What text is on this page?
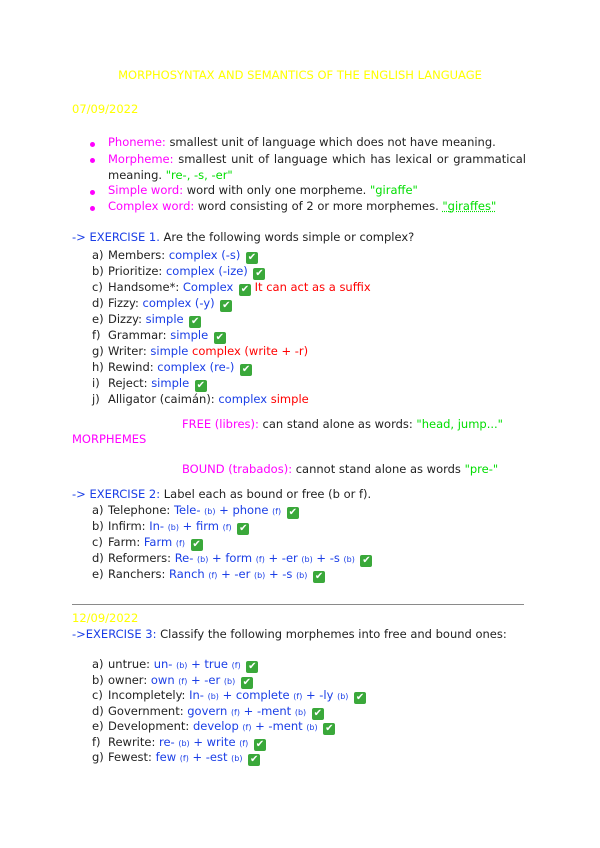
MORPHOSYNTAX AND SEMANTICS OF THE ENGLISH LANGUAGE
07/09/2022
Phoneme: smallest unit of language which does not have meaning.
Morpheme: smallest unit of language which has lexical or grammatical meaning. "re-, -s, -er"
Simple word: word with only one morpheme. "giraffe"
Complex word: word consisting of 2 or more morphemes. "giraffes"
-> EXERCISE 1. Are the following words simple or complex?
a) Members: complex (-s) ✔
b) Prioritize: complex (-ize) ✔
c) Handsome*: Complex ✔ It can act as a suffix
d) Fizzy: complex (-y) ✔
e) Dizzy: simple ✔
f) Grammar: simple ✔
g) Writer: simple complex (write + -r)
h) Rewind: complex (re-) ✔
i) Reject: simple ✔
j) Alligator (caimán): complex simple
FREE (libres): can stand alone as words: "head, jump..."
MORPHEMES
BOUND (trabados): cannot stand alone as words "pre-"
-> EXERCISE 2: Label each as bound or free (b or f).
a) Telephone: Tele- (b) + phone (f) ✔
b) Infirm: In- (b) + firm (f) ✔
c) Farm: Farm (f) ✔
d) Reformers: Re- (b) + form (f) + -er (b) + -s (b) ✔
e) Ranchers: Ranch (f) + -er (b) + -s (b) ✔
12/09/2022
->EXERCISE 3: Classify the following morphemes into free and bound ones:
a) untrue: un- (b) + true (f) ✔
b) owner: own (f) + -er (b) ✔
c) Incompletely: In- (b) + complete (f) + -ly (b) ✔
d) Government: govern (f) + -ment (b) ✔
e) Development: develop (f) + -ment (b) ✔
f) Rewrite: re- (b) + write (f) ✔
g) Fewest: few (f) + -est (b) ✔
